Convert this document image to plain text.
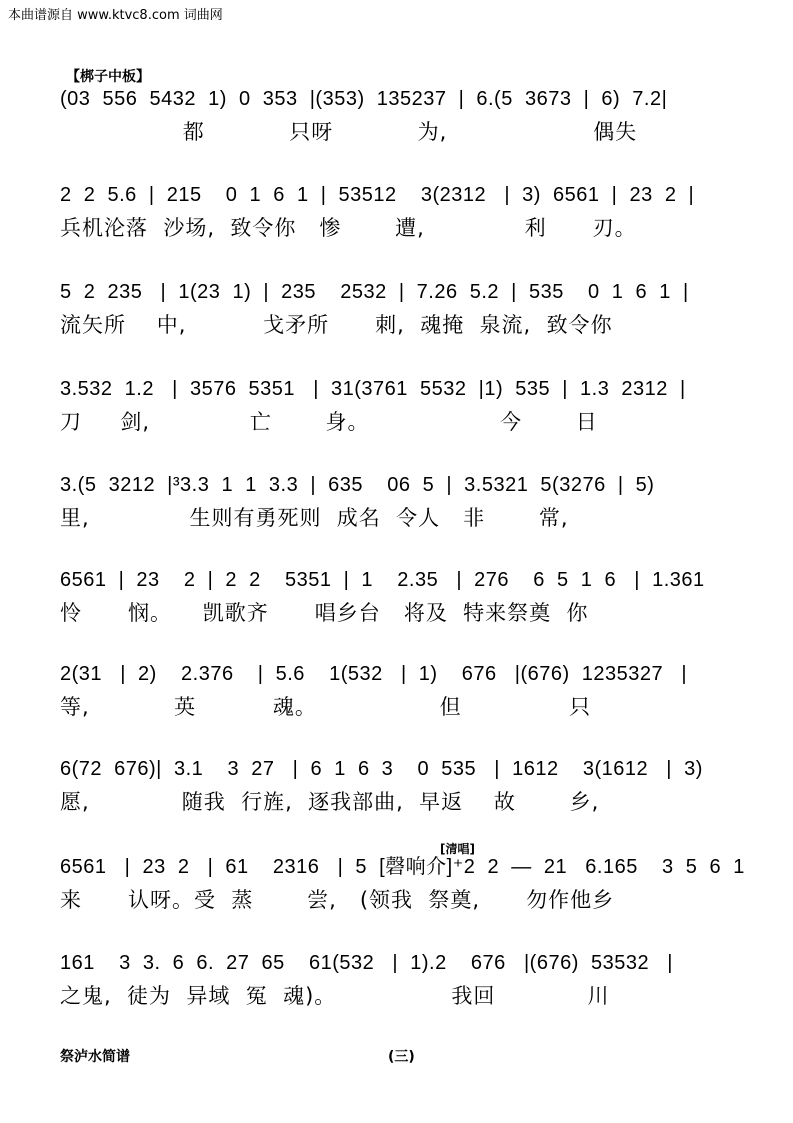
本曲谱源自 www.ktvc8.com 词曲网
【梆子中板】
[清唱]
(03  556  5432  1)  0  353  |(353)  135237  |  6.(5  3673  |  6)  7.2|
都           只呀           为,                   偶失
2  2  5.6  |  215    0  1  6  1  |  53512    3(2312   |  3)  6561  |  23  2  |
兵机沦落  沙场,  致令你   惨       遭,             利      刃。
5  2  235   |  1(23  1)  |  235    2532  |  7.26  5.2  |  535    0  1  6  1  |
流矢所    中,          戈矛所      刺,  魂掩  泉流,  致令你
3.532  1.2   |  3576  5351   |  31(3761  5532  |1)  535  |  1.3  2312  |
刀     剑,             亡       身。                 今       日
3.(5  3212  |³3.3  1  1  3.3  |  635    06  5  |  3.5321  5(3276  |  5)
里,             生则有勇死则  成名  令人   非       常,
6561  |  23    2  |  2  2    5351  |  1    2.35   |  276    6  5  1  6   |  1.361
怜      悯。    凯歌齐      唱乡台   将及  特来祭奠  你
2(31   |  2)    2.376    |  5.6    1(532   |  1)    676   |(676)  1235327   |
等,           英          魂。                但              只
6(72  676)|  3.1    3  27   |  6  1  6  3    0  535   |  1612    3(1612   |  3)
愿,            随我  行旌,  逐我部曲,  早返    故       乡,
6561   |  23  2   |  61    2316   |  5  [磬响介]⁺2  2  —  21   6.165    3  5  6  1
来      认呀。受  蒸       尝,   (领我  祭奠,      勿作他乡
161    3  3.  6  6.  27  65    61(532   |  1).2    676   |(676)  53532   |
之鬼,  徒为  异域  冤  魂)。               我回            川
祭泸水简谱	(三)
